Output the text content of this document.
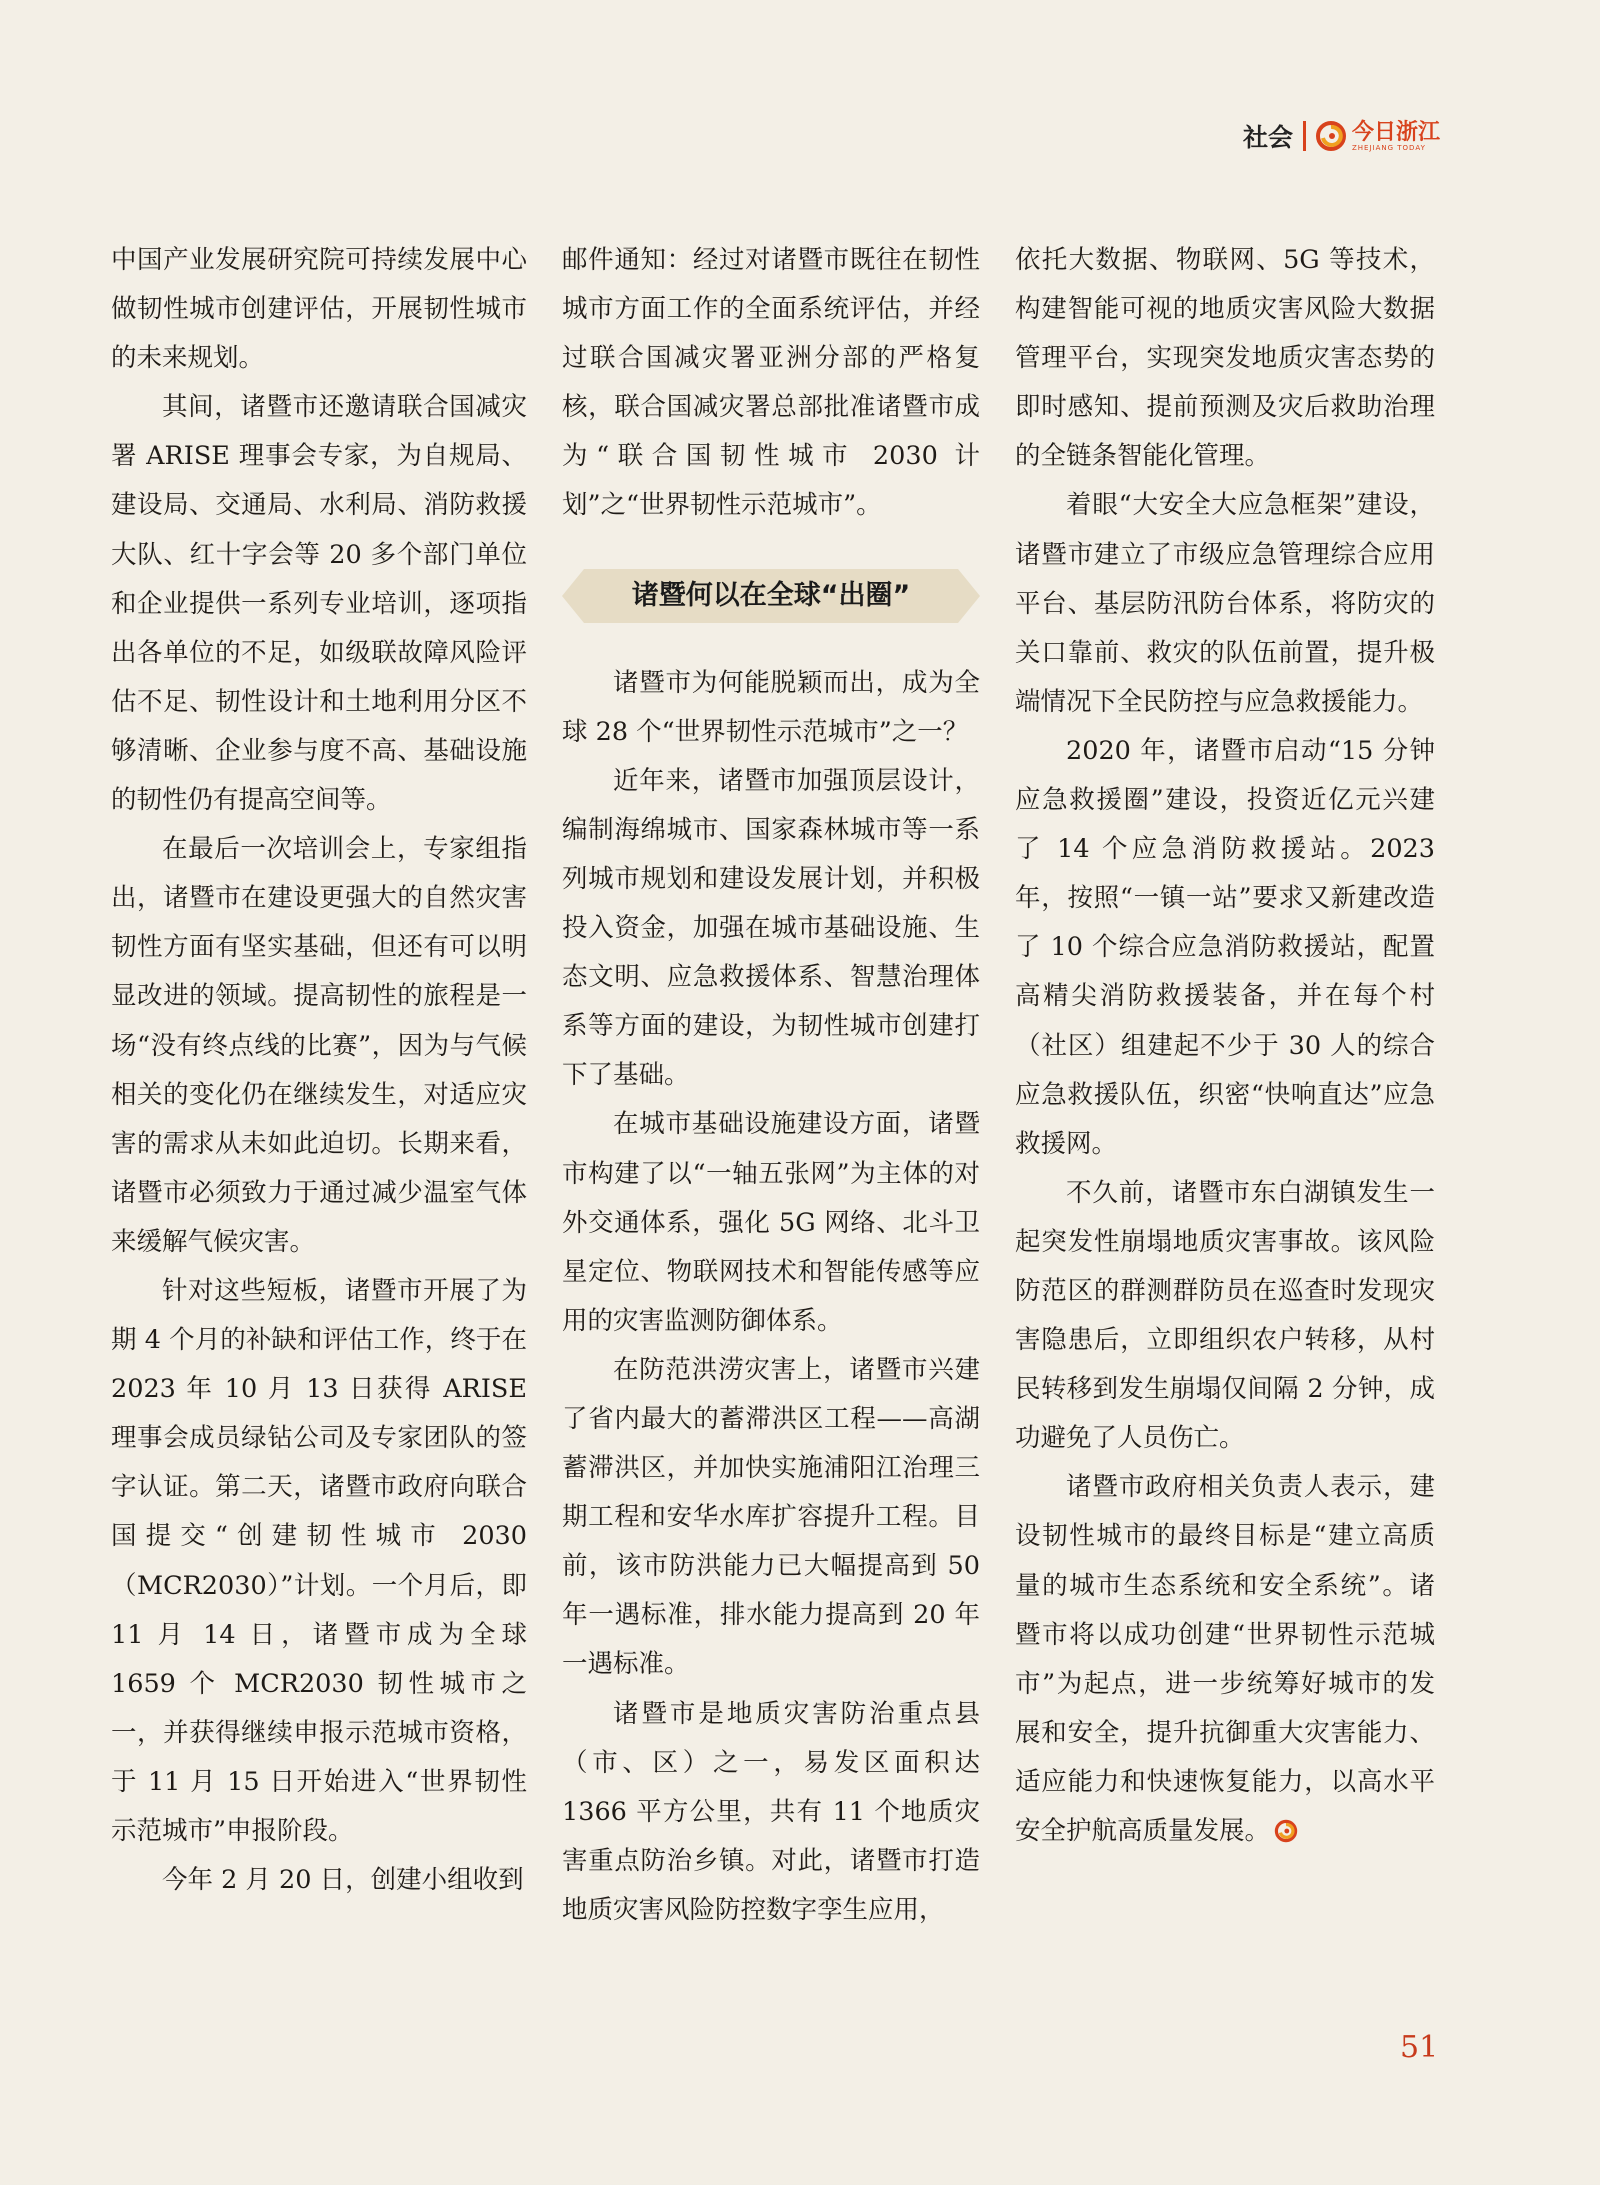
社会	今日浙江
ZHEJIANG TODAY

中国产业发展研究院可持续发展中心做韧性城市创建评估，开展韧性城市的未来规划。

其间，诸暨市还邀请联合国减灾署 ARISE 理事会专家，为自规局、建设局、交通局、水利局、消防救援大队、红十字会等 20 多个部门单位和企业提供一系列专业培训，逐项指出各单位的不足，如级联故障风险评估不足、韧性设计和土地利用分区不够清晰、企业参与度不高、基础设施的韧性仍有提高空间等。

在最后一次培训会上，专家组指出，诸暨市在建设更强大的自然灾害韧性方面有坚实基础，但还有可以明显改进的领域。提高韧性的旅程是一场“没有终点线的比赛”，因为与气候相关的变化仍在继续发生，对适应灾害的需求从未如此迫切。长期来看，诸暨市必须致力于通过减少温室气体来缓解气候灾害。

针对这些短板，诸暨市开展了为期 4 个月的补缺和评估工作，终于在 2023 年 10 月 13 日获得 ARISE 理事会成员绿钻公司及专家团队的签字认证。第二天，诸暨市政府向联合国提交“创建韧性城市 2030（MCR2030）”计划。一个月后，即 11 月 14 日，诸暨市成为全球 1659 个 MCR2030 韧性城市之一，并获得继续申报示范城市资格，于 11 月 15 日开始进入“世界韧性示范城市”申报阶段。

今年 2 月 20 日，创建小组收到

邮件通知：经过对诸暨市既往在韧性城市方面工作的全面系统评估，并经过联合国减灾署亚洲分部的严格复核，联合国减灾署总部批准诸暨市成为“联合国韧性城市 2030 计划”之“世界韧性示范城市”。

诸暨何以在全球“出圈”

诸暨市为何能脱颖而出，成为全球 28 个“世界韧性示范城市”之一？

近年来，诸暨市加强顶层设计，编制海绵城市、国家森林城市等一系列城市规划和建设发展计划，并积极投入资金，加强在城市基础设施、生态文明、应急救援体系、智慧治理体系等方面的建设，为韧性城市创建打下了基础。

在城市基础设施建设方面，诸暨市构建了以“一轴五张网”为主体的对外交通体系，强化 5G 网络、北斗卫星定位、物联网技术和智能传感等应用的灾害监测防御体系。

在防范洪涝灾害上，诸暨市兴建了省内最大的蓄滞洪区工程——高湖蓄滞洪区，并加快实施浦阳江治理三期工程和安华水库扩容提升工程。目前，该市防洪能力已大幅提高到 50 年一遇标准，排水能力提高到 20 年一遇标准。

诸暨市是地质灾害防治重点县（市、区）之一，易发区面积达 1366 平方公里，共有 11 个地质灾害重点防治乡镇。对此，诸暨市打造地质灾害风险防控数字孪生应用，

依托大数据、物联网、5G 等技术，构建智能可视的地质灾害风险大数据管理平台，实现突发地质灾害态势的即时感知、提前预测及灾后救助治理的全链条智能化管理。

着眼“大安全大应急框架”建设，诸暨市建立了市级应急管理综合应用平台、基层防汛防台体系，将防灾的关口靠前、救灾的队伍前置，提升极端情况下全民防控与应急救援能力。

2020 年，诸暨市启动“15 分钟应急救援圈”建设，投资近亿元兴建了 14 个应急消防救援站。2023 年，按照“一镇一站”要求又新建改造了 10 个综合应急消防救援站，配置高精尖消防救援装备，并在每个村（社区）组建起不少于 30 人的综合应急救援队伍，织密“快响直达”应急救援网。

不久前，诸暨市东白湖镇发生一起突发性崩塌地质灾害事故。该风险防范区的群测群防员在巡查时发现灾害隐患后，立即组织农户转移，从村民转移到发生崩塌仅间隔 2 分钟，成功避免了人员伤亡。

诸暨市政府相关负责人表示，建设韧性城市的最终目标是“建立高质量的城市生态系统和安全系统”。诸暨市将以成功创建“世界韧性示范城市”为起点，进一步统筹好城市的发展和安全，提升抗御重大灾害能力、适应能力和快速恢复能力，以高水平安全护航高质量发展。

51
